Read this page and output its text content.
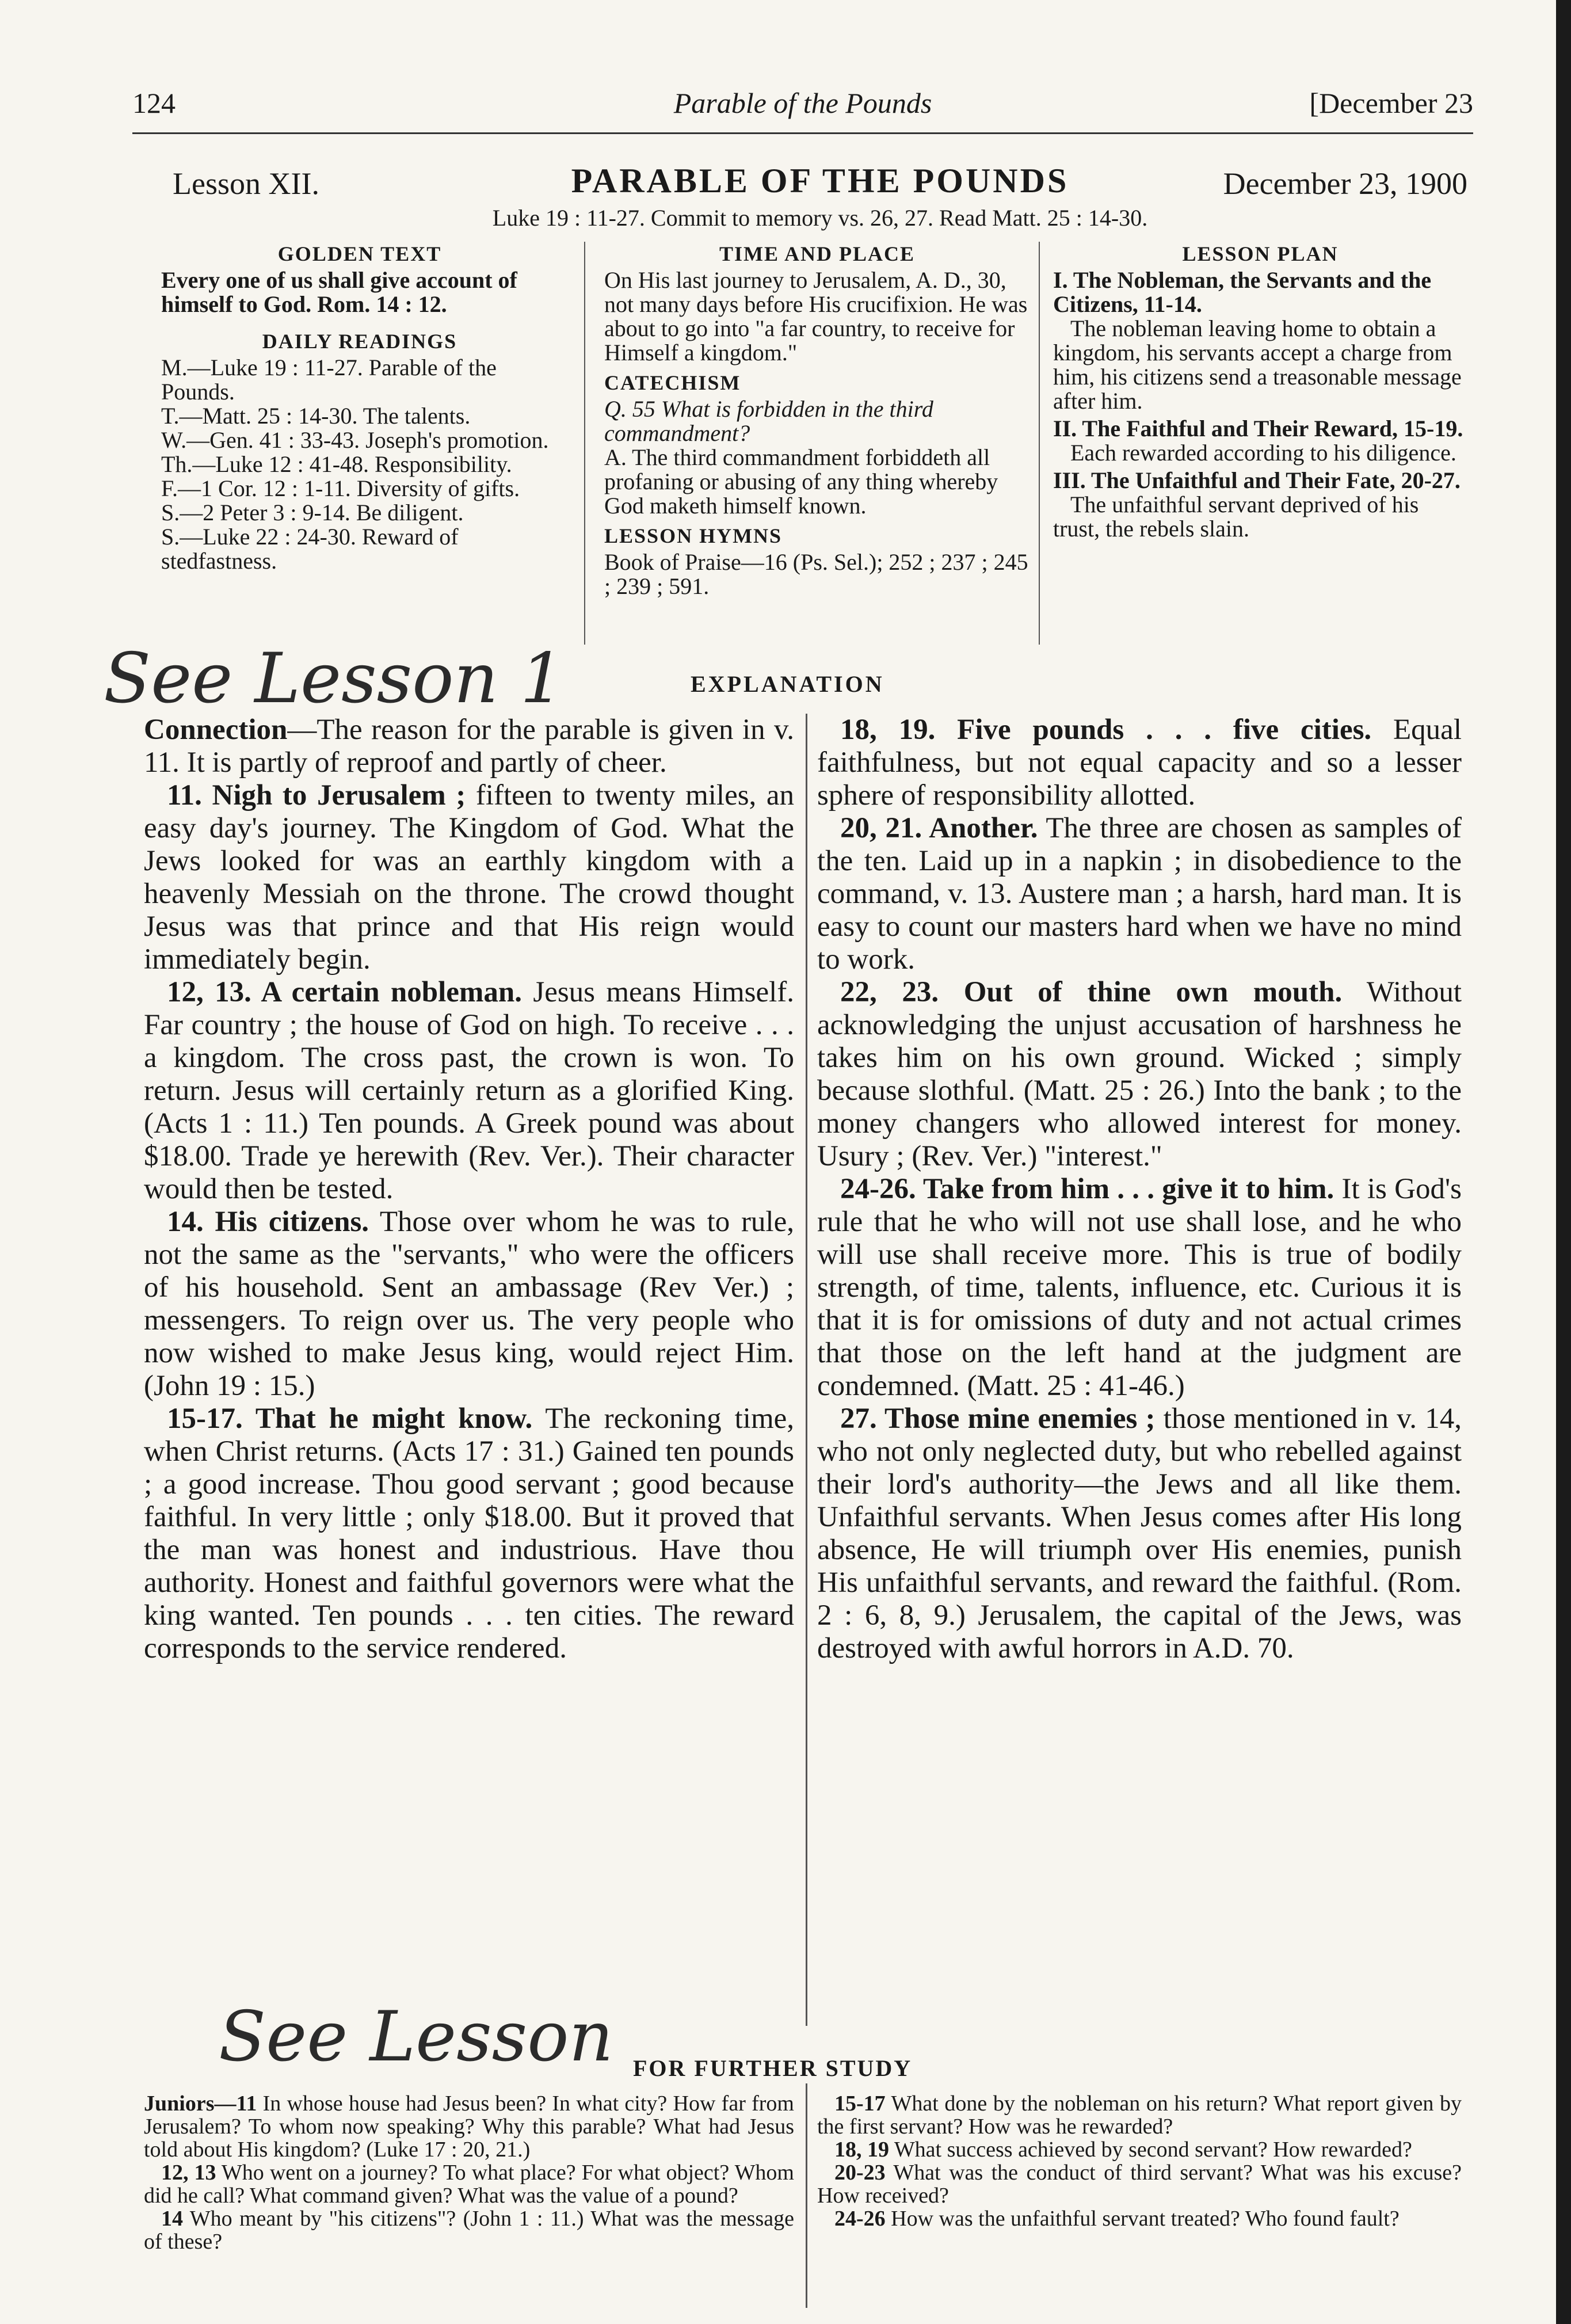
124	Parable of the Pounds	[December 23
Lesson XII.	PARABLE OF THE POUNDS	December 23, 1900
Luke 19 : 11-27. Commit to memory vs. 26, 27. Read Matt. 25 : 14-30.
GOLDEN TEXT

Every one of us shall give account of himself to God. Rom. 14 : 12.

DAILY READINGS

M.—Luke 19 : 11-27. Parable of the Pounds.

T.—Matt. 25 : 14-30. The talents.

W.—Gen. 41 : 33-43. Joseph's promotion.

Th.—Luke 12 : 41-48. Responsibility.

F.—1 Cor. 12 : 1-11. Diversity of gifts.

S.—2 Peter 3 : 9-14. Be diligent.

S.—Luke 22 : 24-30. Reward of stedfastness.

TIME AND PLACE

On His last journey to Jerusalem, A. D., 30, not many days before His crucifixion. He was about to go into "a far country, to receive for Himself a kingdom."

CATECHISM

Q. 55 What is forbidden in the third commandment?

A. The third commandment forbiddeth all profaning or abusing of any thing whereby God maketh himself known.

LESSON HYMNS

Book of Praise—16 (Ps. Sel.); 252 ; 237 ; 245 ; 239 ; 591.

LESSON PLAN

I. The Nobleman, the Servants and the Citizens, 11-14.

The nobleman leaving home to obtain a kingdom, his servants accept a charge from him, his citizens send a treasonable message after him.

II. The Faithful and Their Reward, 15-19.

Each rewarded according to his diligence.

III. The Unfaithful and Their Fate, 20-27.

The unfaithful servant deprived of his trust, the rebels slain.

See Lesson 1	EXPLANATION

Connection—The reason for the parable is given in v. 11. It is partly of reproof and partly of cheer.

11. Nigh to Jerusalem ; fifteen to twenty miles, an easy day's journey. The Kingdom of God. What the Jews looked for was an earthly kingdom with a heavenly Messiah on the throne. The crowd thought Jesus was that prince and that His reign would immediately begin.

12, 13. A certain nobleman. Jesus means Himself. Far country ; the house of God on high. To receive . . . a kingdom. The cross past, the crown is won. To return. Jesus will certainly return as a glorified King. (Acts 1 : 11.) Ten pounds. A Greek pound was about $18.00. Trade ye herewith (Rev. Ver.). Their character would then be tested.

14. His citizens. Those over whom he was to rule, not the same as the "servants," who were the officers of his household. Sent an ambassage (Rev Ver.) ; messengers. To reign over us. The very people who now wished to make Jesus king, would reject Him. (John 19 : 15.)

15-17. That he might know. The reckoning time, when Christ returns. (Acts 17 : 31.) Gained ten pounds ; a good increase. Thou good servant ; good because faithful. In very little ; only $18.00. But it proved that the man was honest and industrious. Have thou authority. Honest and faithful governors were what the king wanted. Ten pounds . . . ten cities. The reward corresponds to the service rendered.

18, 19. Five pounds . . . five cities. Equal faithfulness, but not equal capacity and so a lesser sphere of responsibility allotted.

20, 21. Another. The three are chosen as samples of the ten. Laid up in a napkin ; in disobedience to the command, v. 13. Austere man ; a harsh, hard man. It is easy to count our masters hard when we have no mind to work.

22, 23. Out of thine own mouth. Without acknowledging the unjust accusation of harshness he takes him on his own ground. Wicked ; simply because slothful. (Matt. 25 : 26.) Into the bank ; to the money changers who allowed interest for money. Usury ; (Rev. Ver.) "interest."

24-26. Take from him . . . give it to him. It is God's rule that he who will not use shall lose, and he who will use shall receive more. This is true of bodily strength, of time, talents, influence, etc. Curious it is that it is for omissions of duty and not actual crimes that those on the left hand at the judgment are condemned. (Matt. 25 : 41-46.)

27. Those mine enemies ; those mentioned in v. 14, who not only neglected duty, but who rebelled against their lord's authority—the Jews and all like them. Unfaithful servants. When Jesus comes after His long absence, He will triumph over His enemies, punish His unfaithful servants, and reward the faithful. (Rom. 2 : 6, 8, 9.) Jerusalem, the capital of the Jews, was destroyed with awful horrors in A.D. 70.

See Lesson FOR FURTHER STUDY

Juniors—11 In whose house had Jesus been? In what city? How far from Jerusalem? To whom now speaking? Why this parable? What had Jesus told about His kingdom? (Luke 17 : 20, 21.)

12, 13 Who went on a journey? To what place? For what object? Whom did he call? What command given? What was the value of a pound?

14 Who meant by "his citizens"? (John 1 : 11.) What was the message of these?

15-17 What done by the nobleman on his return? What report given by the first servant? How was he rewarded?

18, 19 What success achieved by second servant? How rewarded?

20-23 What was the conduct of third servant? What was his excuse? How received?

24-26 How was the unfaithful servant treated? Who found fault?
